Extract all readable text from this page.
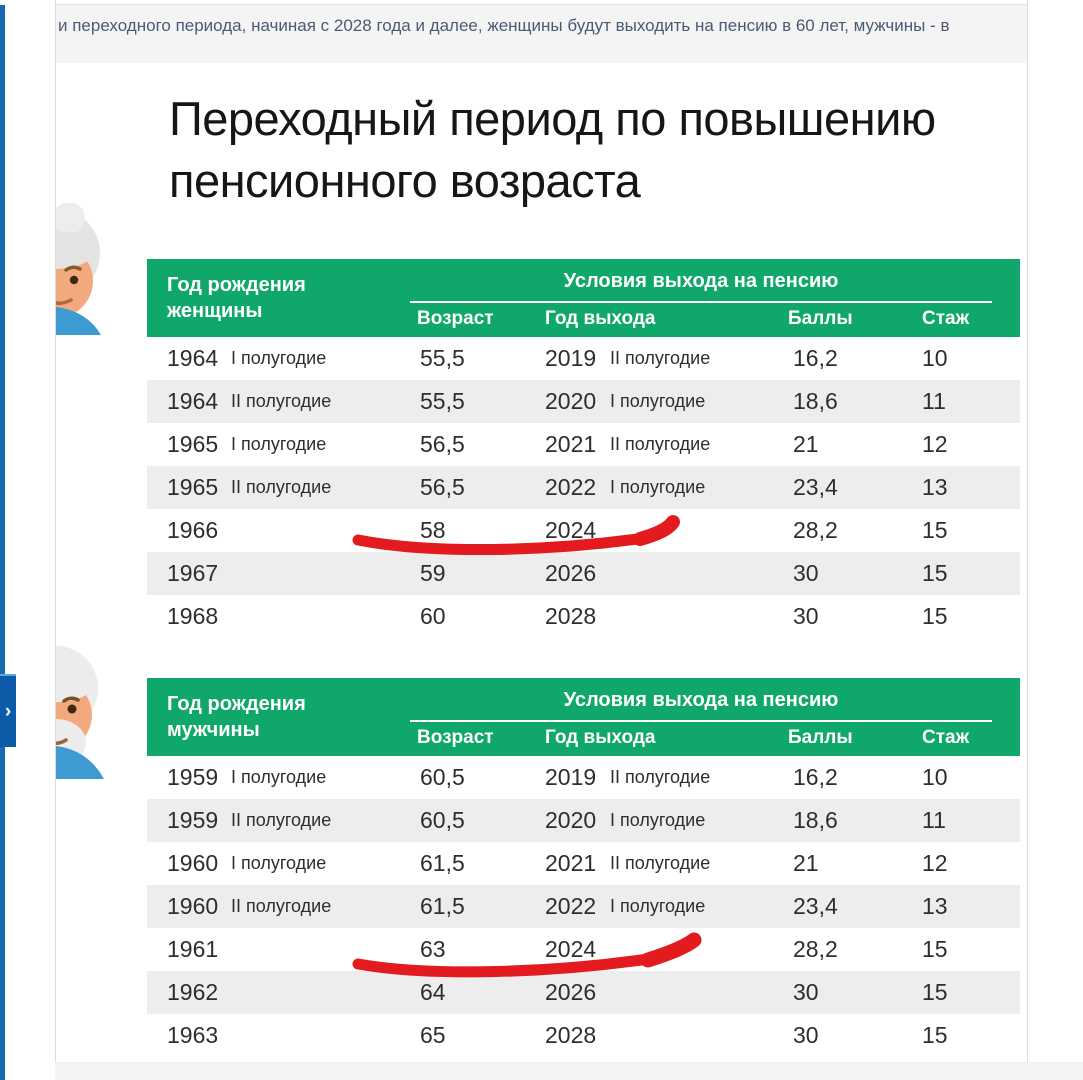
и переходного периода, начиная с 2028 года и далее, женщины будут выходить на пенсию в 60 лет, мужчины - в
Переходный период по повышению
пенсионного возраста
Год рождения
женщины
Условия выхода на пенсию
Возраст	Год выхода	Баллы	Стаж
1964 I полугодие	55,5	2019 II полугодие	16,2	10
1964 II полугодие	55,5	2020 I полугодие	18,6	11
1965 I полугодие	56,5	2021 II полугодие	21	12
1965 II полугодие	56,5	2022 I полугодие	23,4	13
1966	58	2024	28,2	15
1967	59	2026	30	15
1968	60	2028	30	15
Год рождения
мужчины
Условия выхода на пенсию
Возраст	Год выхода	Баллы	Стаж
1959 I полугодие	60,5	2019 II полугодие	16,2	10
1959 II полугодие	60,5	2020 I полугодие	18,6	11
1960 I полугодие	61,5	2021 II полугодие	21	12
1960 II полугодие	61,5	2022 I полугодие	23,4	13
1961	63	2024	28,2	15
1962	64	2026	30	15
1963	65	2028	30	15
›
